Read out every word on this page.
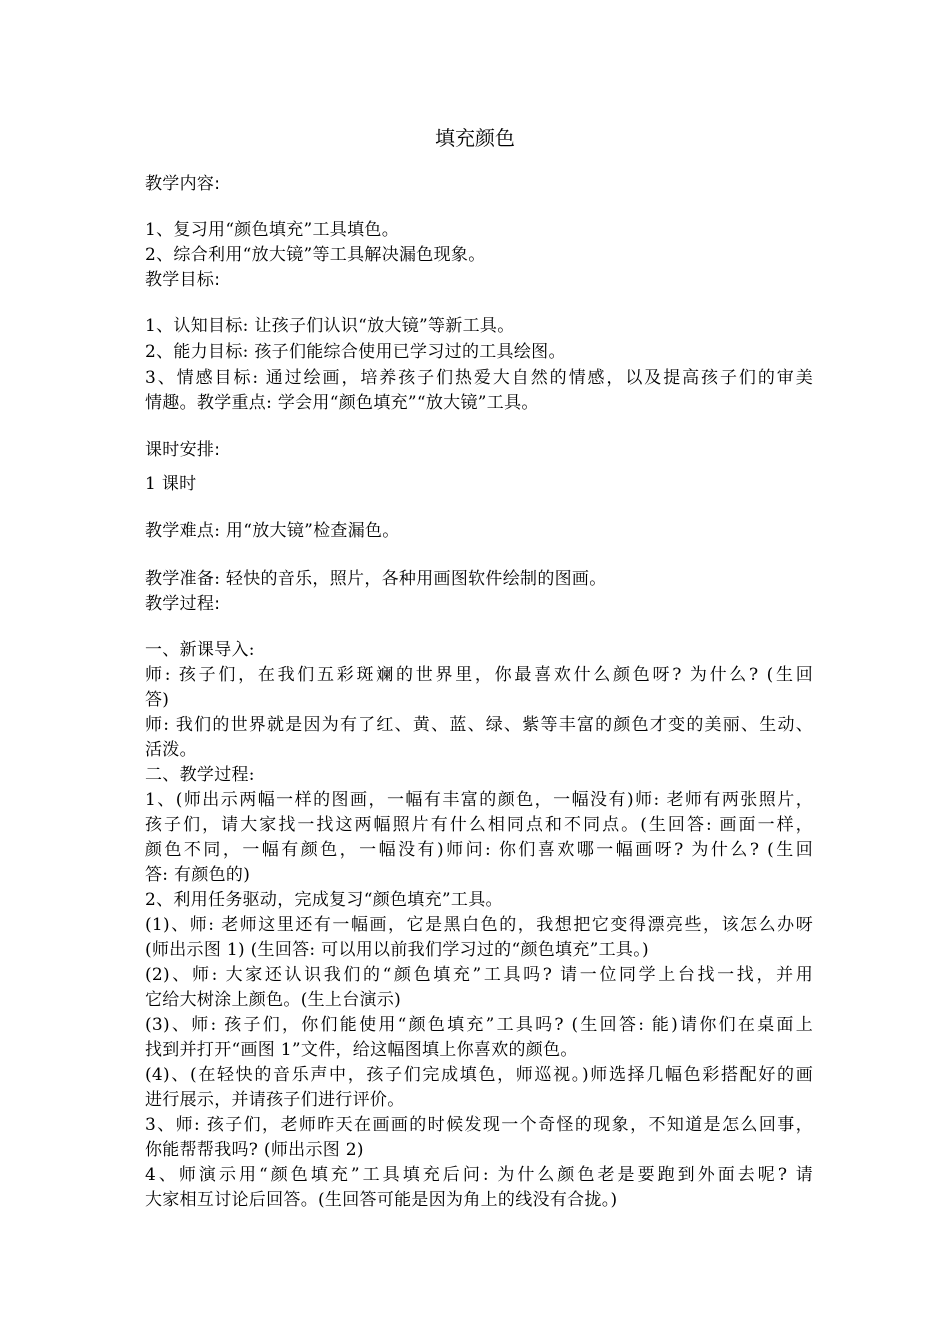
填充颜色
教学内容:
1、复习用“颜色填充”工具填色。
2、综合利用“放大镜”等工具解决漏色现象。
教学目标:
1、认知目标: 让孩子们认识“放大镜”等新工具。
2、能力目标: 孩子们能综合使用已学习过的工具绘图。
3、情感目标: 通过绘画，培养孩子们热爱大自然的情感，以及提高孩子们的审美
情趣。教学重点: 学会用“颜色填充”“放大镜”工具。
课时安排:
1 课时
教学难点: 用“放大镜”检查漏色。
教学准备: 轻快的音乐，照片，各种用画图软件绘制的图画。
教学过程:
一、新课导入:
师: 孩子们，在我们五彩斑斓的世界里，你最喜欢什么颜色呀? 为什么? (生回
答)
师: 我们的世界就是因为有了红、黄、蓝、绿、紫等丰富的颜色才变的美丽、生动、
活泼。
二、教学过程:
1、(师出示两幅一样的图画，一幅有丰富的颜色，一幅没有)师: 老师有两张照片，
孩子们，请大家找一找这两幅照片有什么相同点和不同点。(生回答: 画面一样，
颜色不同，一幅有颜色，一幅没有)师问: 你们喜欢哪一幅画呀? 为什么? (生回
答: 有颜色的)
2、利用任务驱动，完成复习“颜色填充”工具。
(1)、师: 老师这里还有一幅画，它是黑白色的，我想把它变得漂亮些，该怎么办呀
(师出示图 1) (生回答: 可以用以前我们学习过的“颜色填充”工具。)
(2)、师: 大家还认识我们的“颜色填充”工具吗? 请一位同学上台找一找，并用
它给大树涂上颜色。(生上台演示)
(3)、师: 孩子们，你们能使用“颜色填充”工具吗? (生回答: 能)请你们在桌面上
找到并打开“画图 1”文件，给这幅图填上你喜欢的颜色。
(4)、(在轻快的音乐声中，孩子们完成填色，师巡视。)师选择几幅色彩搭配好的画
进行展示，并请孩子们进行评价。
3、师: 孩子们，老师昨天在画画的时候发现一个奇怪的现象，不知道是怎么回事，
你能帮帮我吗? (师出示图 2)
4、师演示用“颜色填充”工具填充后问: 为什么颜色老是要跑到外面去呢? 请
大家相互讨论后回答。(生回答可能是因为角上的线没有合拢。)
